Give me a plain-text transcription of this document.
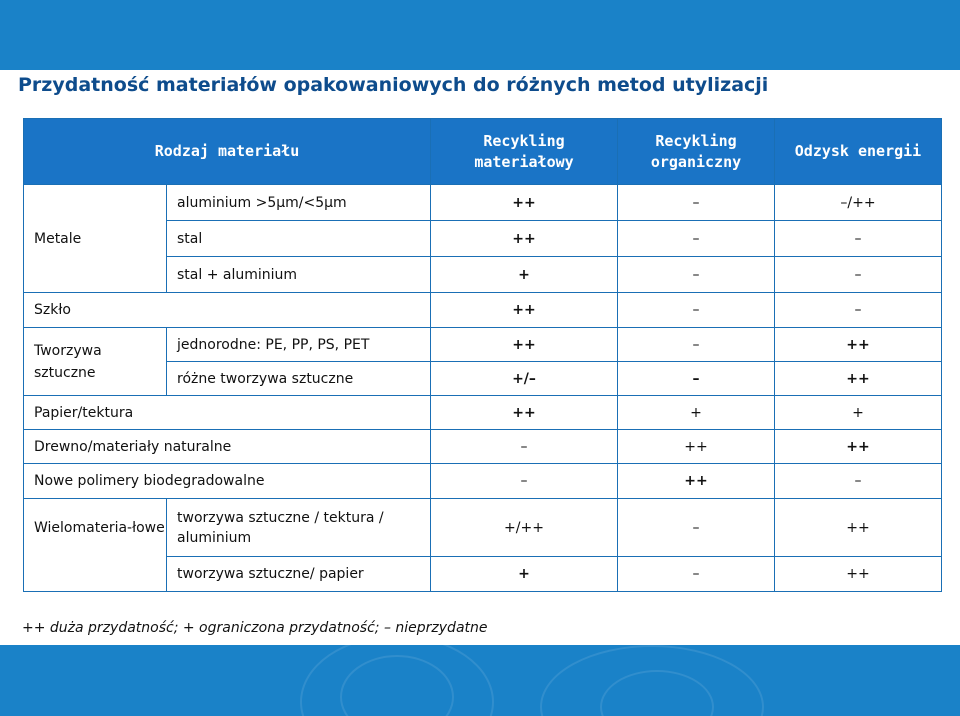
Przydatność materiałów opakowaniowych do różnych metod utylizacji
Rodzaj materiału		Recykling materiałowy	Recykling organiczny	Odzysk energii
Metale	aluminium >5µm/<5µm	++	–	–/++
	stal	++	–	–
	stal + aluminium	+	–	–
Szkło		++	–	–
Tworzywa sztuczne	jednorodne: PE, PP, PS, PET	++	–	++
	różne tworzywa sztuczne	+/–	–	++
Papier/tektura		++	+	+
Drewno/materiały naturalne		–	++	++
Nowe polimery biodegradowalne		–	++	–
Wielomateria-łowe	tworzywa sztuczne / tektura / aluminium	+/++	–	++
	tworzywa sztuczne/ papier	+	–	++
++ duża przydatność; + ograniczona przydatność; – nieprzydatne
